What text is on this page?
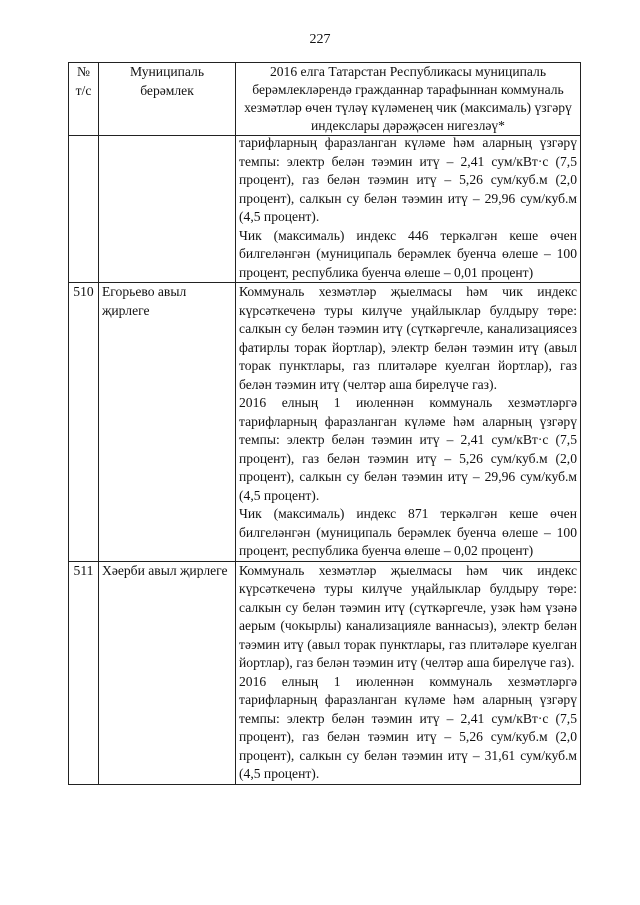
227
№ т/с	Муниципаль берәмлек	2016 елга Татарстан Республикасы муниципаль берәмлекләрендә гражданнар тарафыннан коммуналь хезмәтләр өчен түләү күләменең чик (максималь) үзгәрү индекслары дәрәҗәсен нигезләү*

		тарифларның фаразланган күләме һәм аларның үзгәрү темпы: электр белән тәэмин итү – 2,41 сум/кВт·с (7,5 процент), газ белән тәэмин итү – 5,26 сум/куб.м (2,0 процент), салкын су белән тәэмин итү – 29,96 сум/куб.м (4,5 процент).

Чик (максималь) индекс 446 теркәлгән кеше өчен билгеләнгән (муниципаль берәмлек буенча өлеше – 100 процент, республика буенча өлеше – 0,01 процент)

510	Егорьево авыл җирлеге	Коммуналь хезмәтләр җыелмасы һәм чик индекс күрсәткеченә туры килүче уңайлыклар булдыру төре: салкын су белән тәэмин итү (сүткәргечле, канализациясез фатирлы торак йортлар), электр белән тәэмин итү (авыл торак пунктлары, газ плитәләре куелган йортлар), газ белән тәэмин итү (челтәр аша бирелүче газ).

2016 елның 1 июленнән коммуналь хезмәтләргә тарифларның фаразланган күләме һәм аларның үзгәрү темпы: электр белән тәэмин итү – 2,41 сум/кВт·с (7,5 процент), газ белән тәэмин итү – 5,26 сум/куб.м (2,0 процент), салкын су белән тәэмин итү – 29,96 сум/куб.м (4,5 процент).

Чик (максималь) индекс 871 теркәлгән кеше өчен билгеләнгән (муниципаль берәмлек буенча өлеше – 100 процент, республика буенча өлеше – 0,02 процент)

511	Хәерби авыл җирлеге	Коммуналь хезмәтләр җыелмасы һәм чик индекс күрсәткеченә туры килүче уңайлыклар булдыру төре: салкын су белән тәэмин итү (сүткәргечле, узәк һәм үзәнә аерым (чокырлы) канализацияле ваннасыз), электр белән тәэмин итү (авыл торак пунктлары, газ плитәләре куелган йортлар), газ белән тәэмин итү (челтәр аша бирелүче газ).

2016 елның 1 июленнән коммуналь хезмәтләргә тарифларның фаразланган күләме һәм аларның үзгәрү темпы: электр белән тәэмин итү – 2,41 сум/кВт·с (7,5 процент), газ белән тәэмин итү – 5,26 сум/куб.м (2,0 процент), салкын су белән тәэмин итү – 31,61 сум/куб.м (4,5 процент).
